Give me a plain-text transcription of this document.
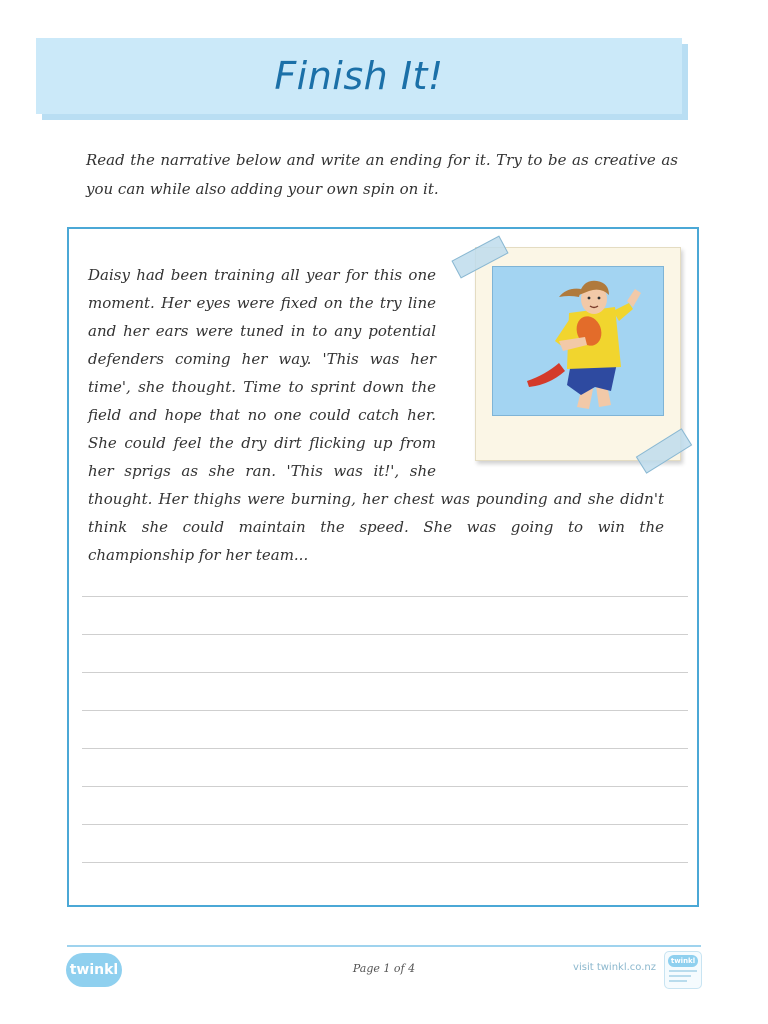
Finish It!

Read the narrative below and write an ending for it. Try to be as creative as you can while also adding your own spin on it.

Daisy had been training all year for this one moment. Her eyes were fixed on the try line and her ears were tuned in to any potential defenders coming her way. 'This was her time', she thought. Time to sprint down the field and hope that no one could catch her. She could feel the dry dirt flicking up from her sprigs as she ran. 'This was it!', she thought. Her thighs were burning, her chest was pounding and she didn't think she could maintain the speed. She was going to win the championship for her team...

twinkl	Page 1 of 4	visit twinkl.co.nz
twinkl
